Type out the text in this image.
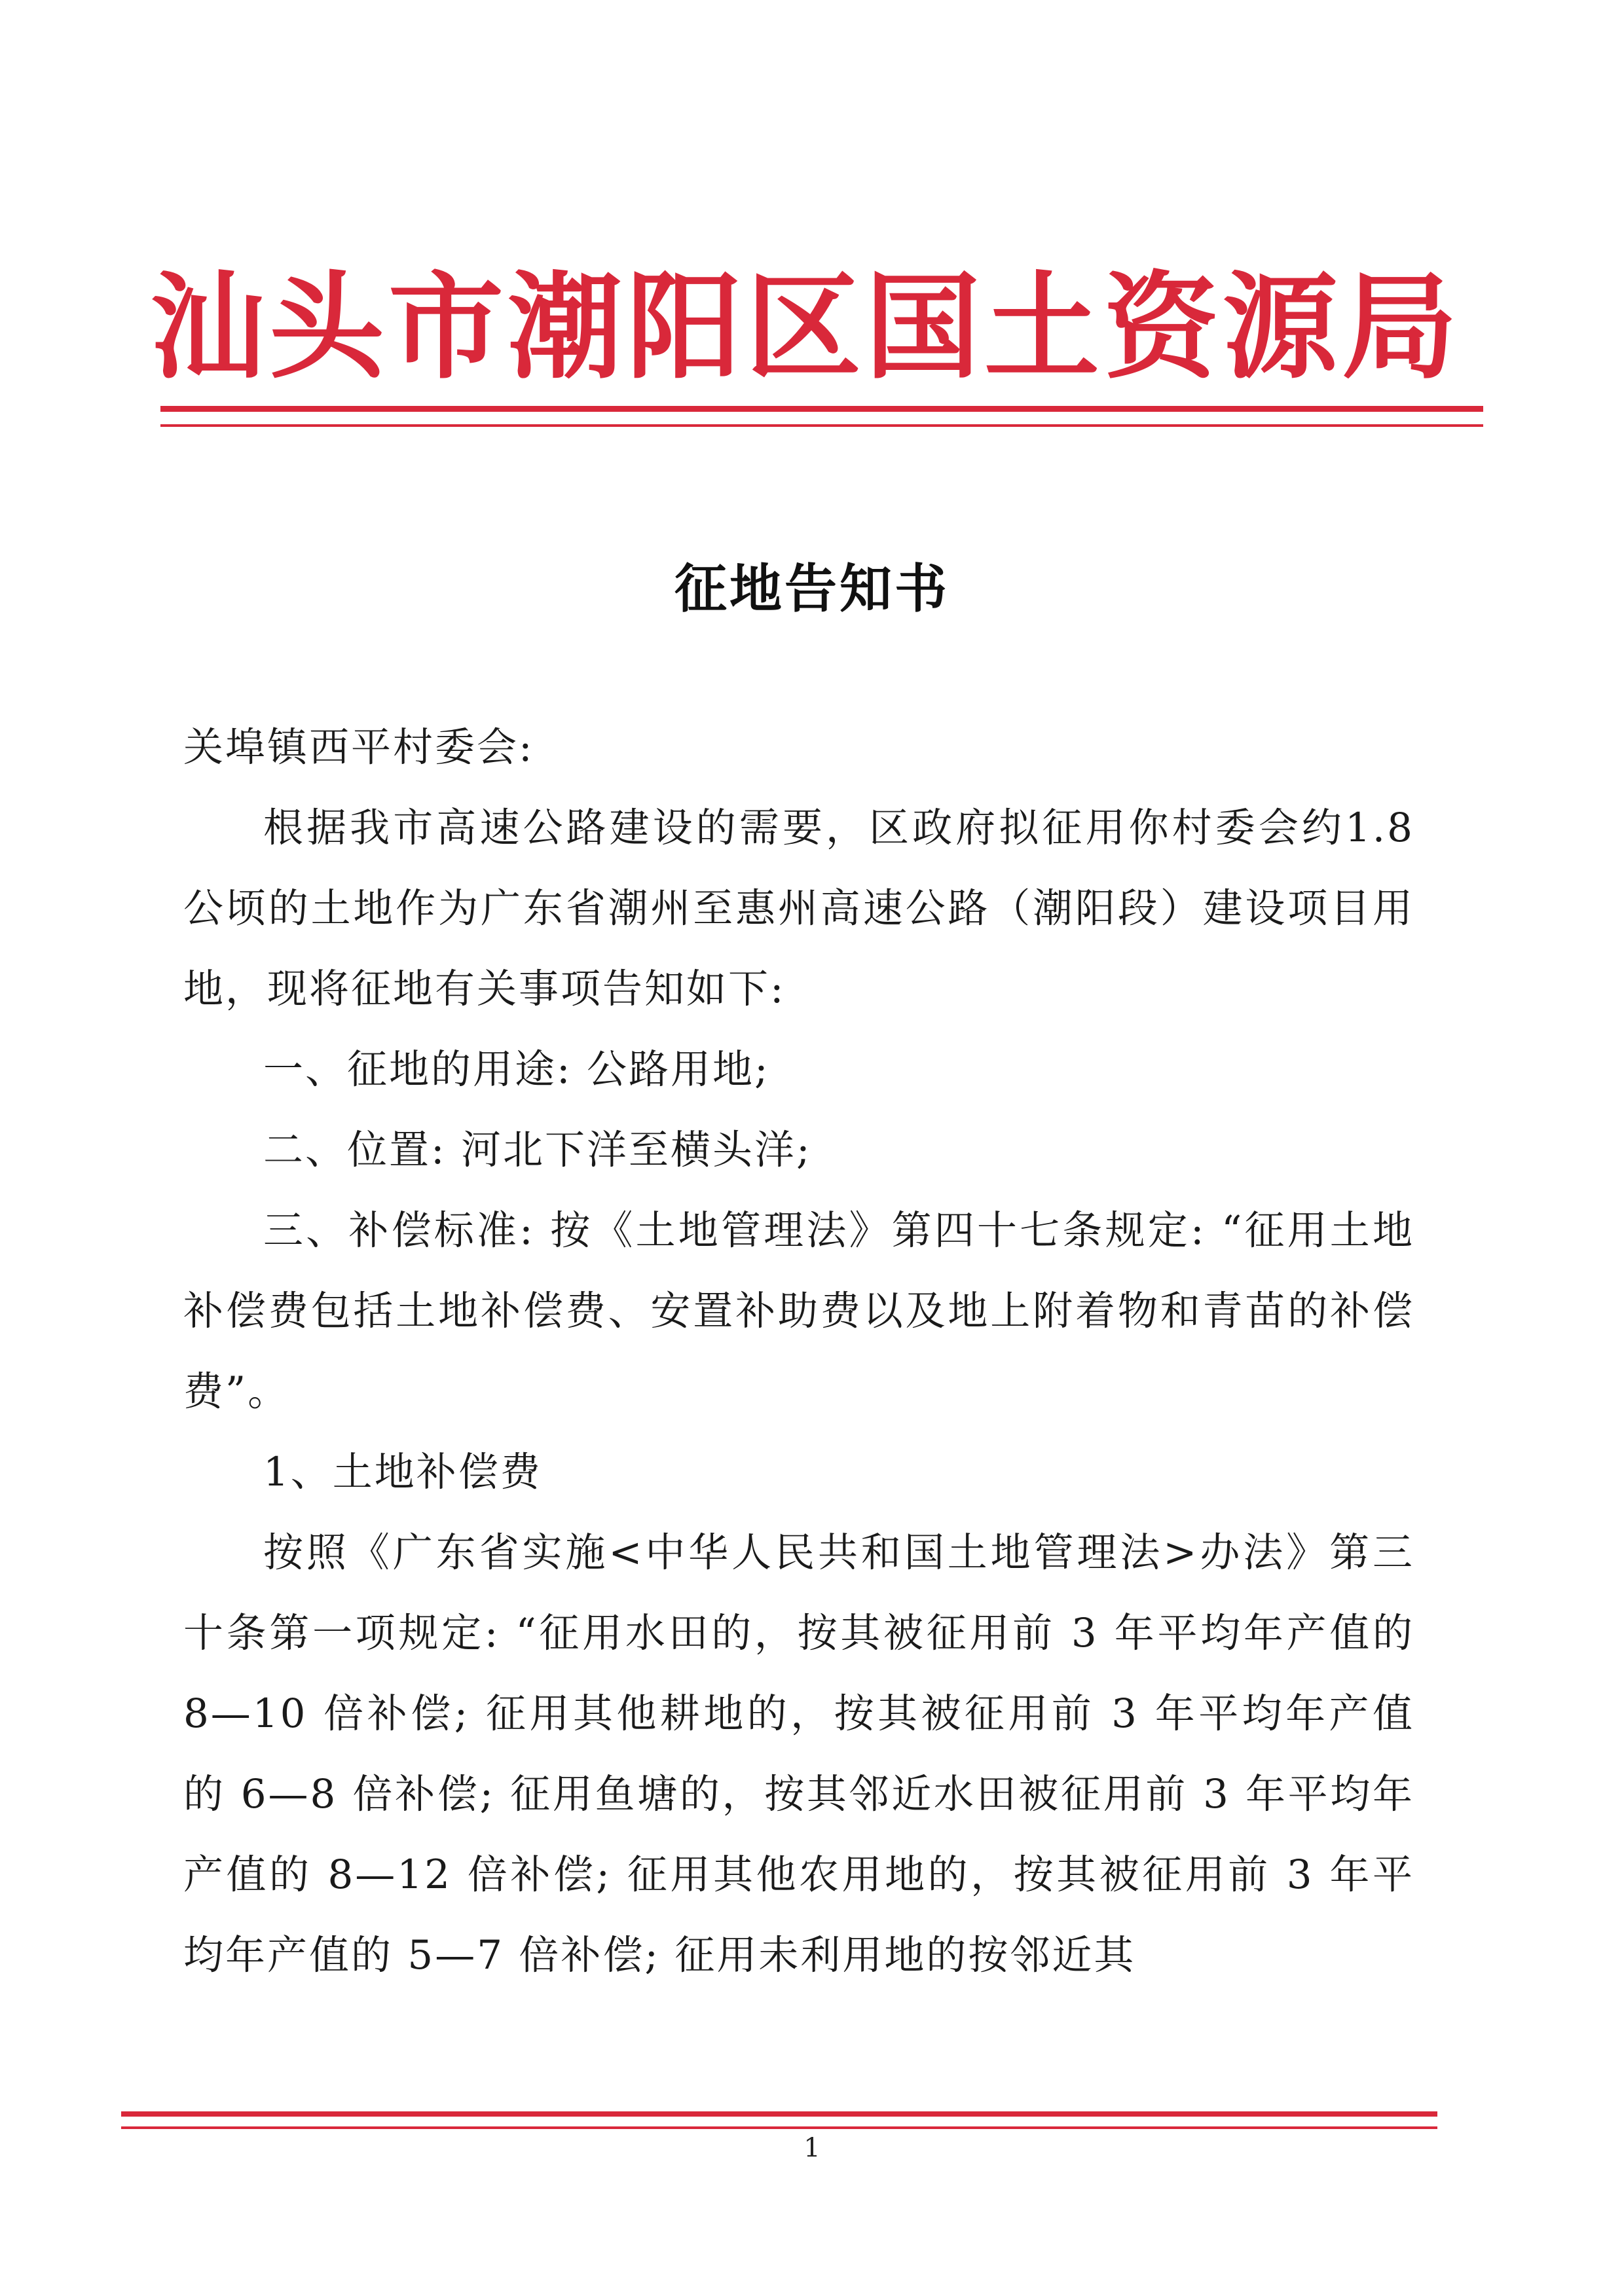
汕头市潮阳区国土资源局
征地告知书

关埠镇西平村委会:

根据我市高速公路建设的需要，区政府拟征用你村委会约1.8公顷的土地作为广东省潮州至惠州高速公路（潮阳段）建设项目用地，现将征地有关事项告知如下:

一、征地的用途: 公路用地;

二、位置: 河北下洋至横头洋;

三、补偿标准: 按《土地管理法》第四十七条规定: “征用土地补偿费包括土地补偿费、安置补助费以及地上附着物和青苗的补偿费”。

1、土地补偿费

按照《广东省实施<中华人民共和国土地管理法>办法》第三十条第一项规定: “征用水田的，按其被征用前 3 年平均年产值的 8—10 倍补偿; 征用其他耕地的，按其被征用前 3 年平均年产值的 6—8 倍补偿; 征用鱼塘的，按其邻近水田被征用前 3 年平均年产值的 8—12 倍补偿; 征用其他农用地的，按其被征用前 3 年平均年产值的 5—7 倍补偿; 征用未利用地的按邻近其

1
